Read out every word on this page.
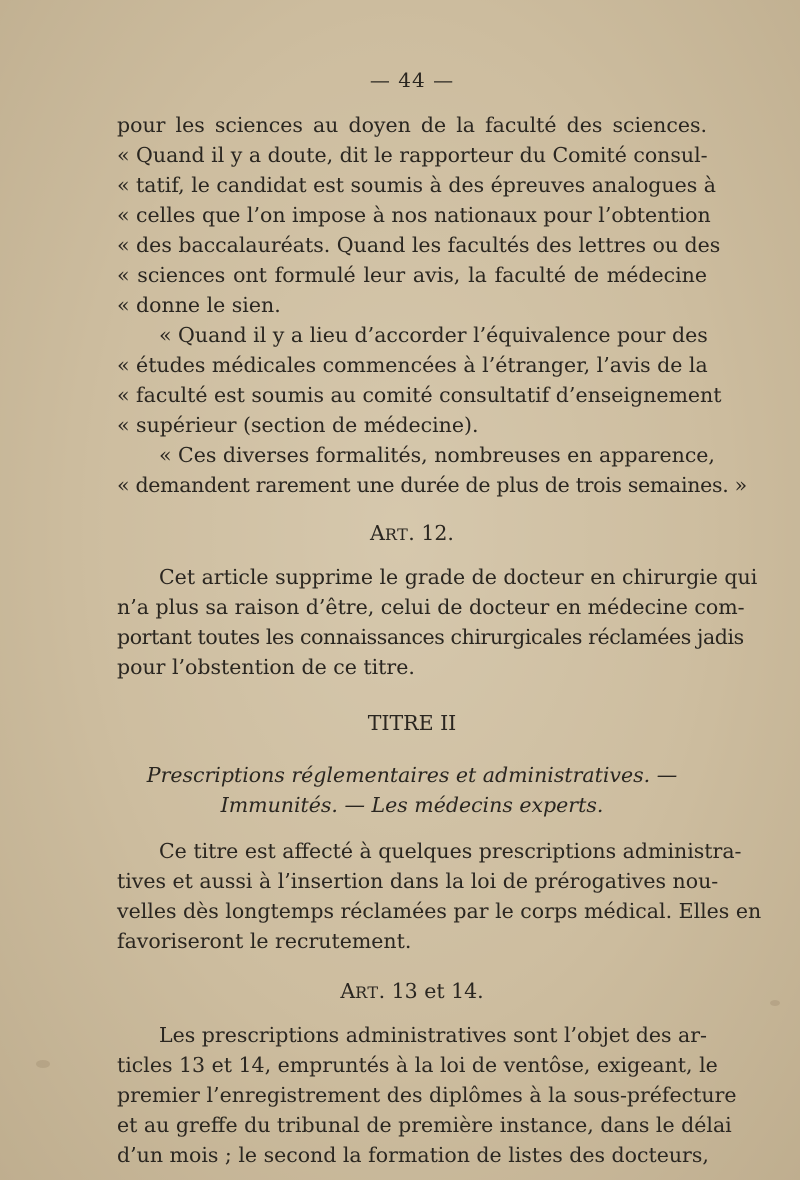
— 44 —
pour les sciences au doyen de la faculté des sciences.
« Quand il y a doute, dit le rapporteur du Comité consul-
« tatif, le candidat est soumis à des épreuves analogues à
« celles que l’on impose à nos nationaux pour l’obtention
« des baccalauréats. Quand les facultés des lettres ou des
« sciences ont formulé leur avis, la faculté de médecine
« donne le sien.
« Quand il y a lieu d’accorder l’équivalence pour des
« études médicales commencées à l’étranger, l’avis de la
« faculté est soumis au comité consultatif d’enseignement
« supérieur (section de médecine).
« Ces diverses formalités, nombreuses en apparence,
« demandent rarement une durée de plus de trois semaines. »
ART. 12.
Cet article supprime le grade de docteur en chirurgie qui
n’a plus sa raison d’être, celui de docteur en médecine com-
portant toutes les connaissances chirurgicales réclamées jadis
pour l’obstention de ce titre.
TITRE II
Prescriptions réglementaires et administratives. —
Immunités. — Les médecins experts.
Ce titre est affecté à quelques prescriptions administra-
tives et aussi à l’insertion dans la loi de prérogatives nou-
velles dès longtemps réclamées par le corps médical. Elles en
favoriseront le recrutement.
ART. 13 et 14.
Les prescriptions administratives sont l’objet des ar-
ticles 13 et 14, empruntés à la loi de ventôse, exigeant, le
premier l’enregistrement des diplômes à la sous-préfecture
et au greffe du tribunal de première instance, dans le délai
d’un mois ; le second la formation de listes des docteurs,
